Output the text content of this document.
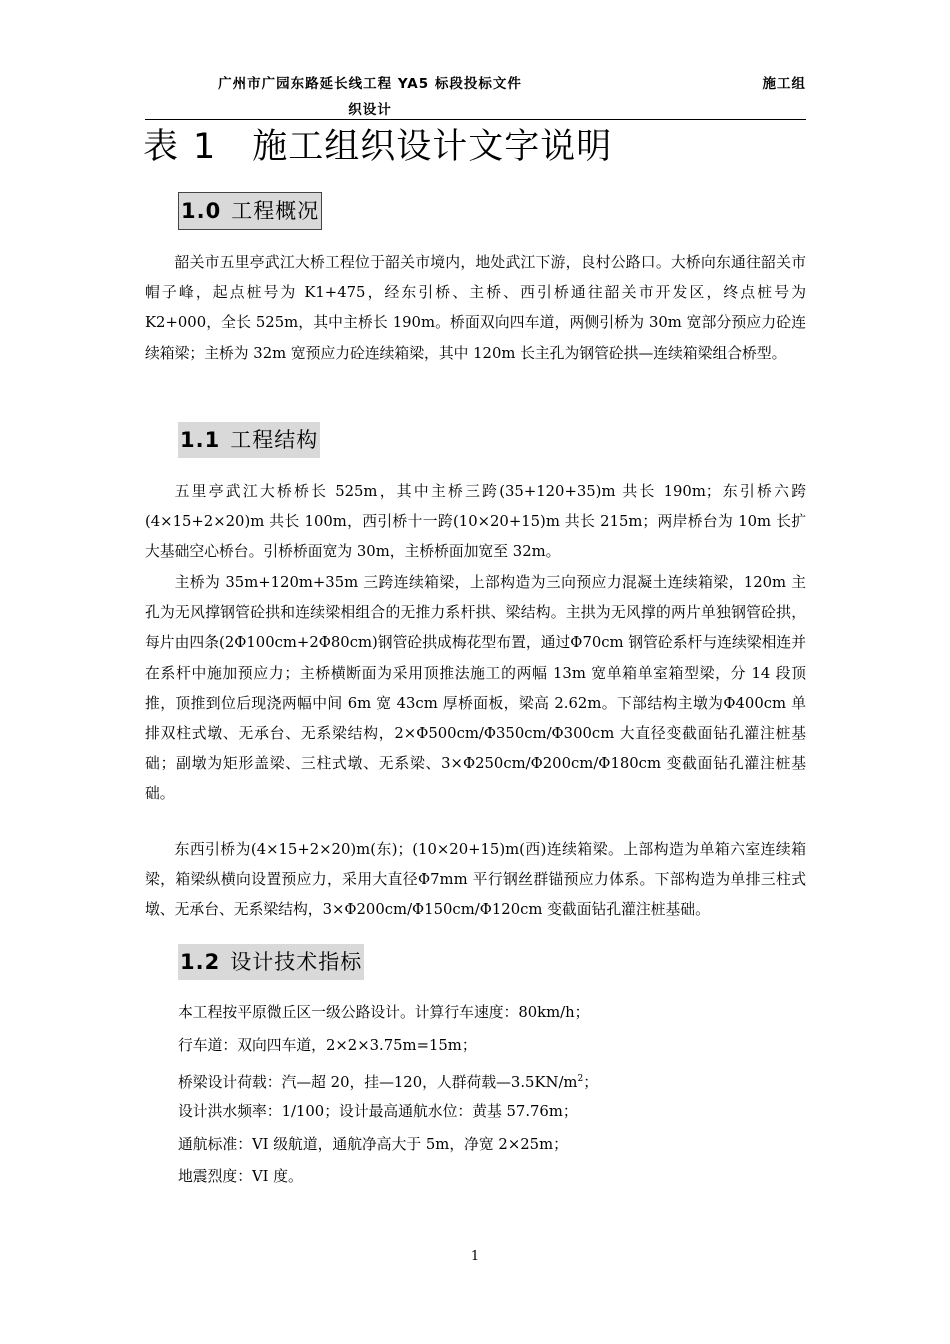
广州市广园东路延长线工程 YA5 标段投标文件
织设计
施工组
表 1 施工组织设计文字说明
1.0 工程概况

韶关市五里亭武江大桥工程位于韶关市境内，地处武江下游，良村公路口。大桥向东通往韶关市帽子峰，起点桩号为 K1+475，经东引桥、主桥、西引桥通往韶关市开发区，终点桩号为 K2+000，全长 525m，其中主桥长 190m。桥面双向四车道，两侧引桥为 30m 宽部分预应力砼连续箱梁；主桥为 32m 宽预应力砼连续箱梁，其中 120m 长主孔为钢管砼拱—连续箱梁组合桥型。

1.1 工程结构

五里亭武江大桥桥长 525m，其中主桥三跨(35+120+35)m 共长 190m；东引桥六跨(4×15+2×20)m 共长 100m，西引桥十一跨(10×20+15)m 共长 215m；两岸桥台为 10m 长扩大基础空心桥台。引桥桥面宽为 30m，主桥桥面加宽至 32m。

主桥为 35m+120m+35m 三跨连续箱梁，上部构造为三向预应力混凝土连续箱梁，120m 主孔为无风撑钢管砼拱和连续梁相组合的无推力系杆拱、梁结构。主拱为无风撑的两片单独钢管砼拱，每片由四条(2Φ100cm+2Φ80cm)钢管砼拱成梅花型布置，通过Φ70cm 钢管砼系杆与连续梁相连并在系杆中施加预应力；主桥横断面为采用顶推法施工的两幅 13m 宽单箱单室箱型梁，分 14 段顶推，顶推到位后现浇两幅中间 6m 宽 43cm 厚桥面板，梁高 2.62m。下部结构主墩为Φ400cm 单排双柱式墩、无承台、无系梁结构，2×Φ500cm/Φ350cm/Φ300cm 大直径变截面钻孔灌注桩基础；副墩为矩形盖梁、三柱式墩、无系梁、3×Φ250cm/Φ200cm/Φ180cm 变截面钻孔灌注桩基础。

东西引桥为(4×15+2×20)m(东)；(10×20+15)m(西)连续箱梁。上部构造为单箱六室连续箱梁，箱梁纵横向设置预应力，采用大直径Φ7mm 平行钢丝群锚预应力体系。下部构造为单排三柱式墩、无承台、无系梁结构，3×Φ200cm/Φ150cm/Φ120cm 变截面钻孔灌注桩基础。

1.2 设计技术指标
本工程按平原微丘区一级公路设计。计算行车速度：80km/h；
行车道：双向四车道，2×2×3.75m=15m；
桥梁设计荷载：汽—超 20，挂—120，人群荷载$—3.5KN/m^2$；
设计洪水频率：1/100；设计最高通航水位：黄基 57.76m；
通航标准：VI 级航道，通航净高大于 5m，净宽 2×25m；
地震烈度：VI 度。
1
